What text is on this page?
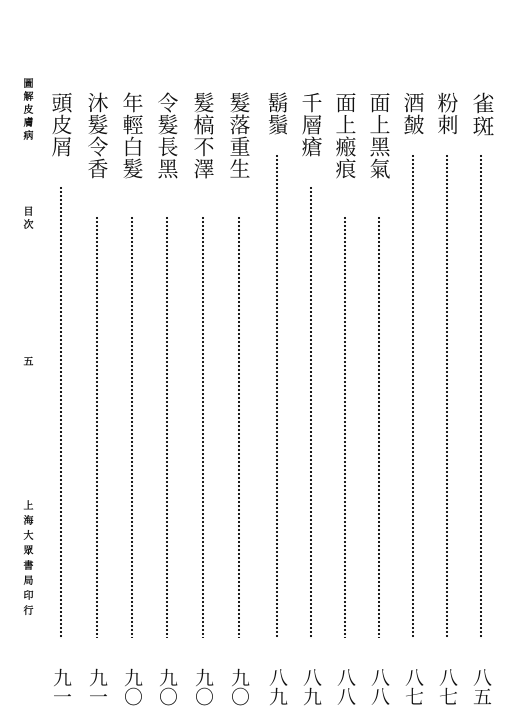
圖解皮膚病
目次
五
上海大眾書局印行
雀斑
八五
粉刺
八七
酒皶
八七
面上黑氣
八八
面上瘢痕
八八
千層瘡
八九
鬍鬚
八九
髮落重生
九〇
髮槁不澤
九〇
令髮長黑
九〇
年輕白髮
九〇
沐髮令香
九一
頭皮屑
九一
